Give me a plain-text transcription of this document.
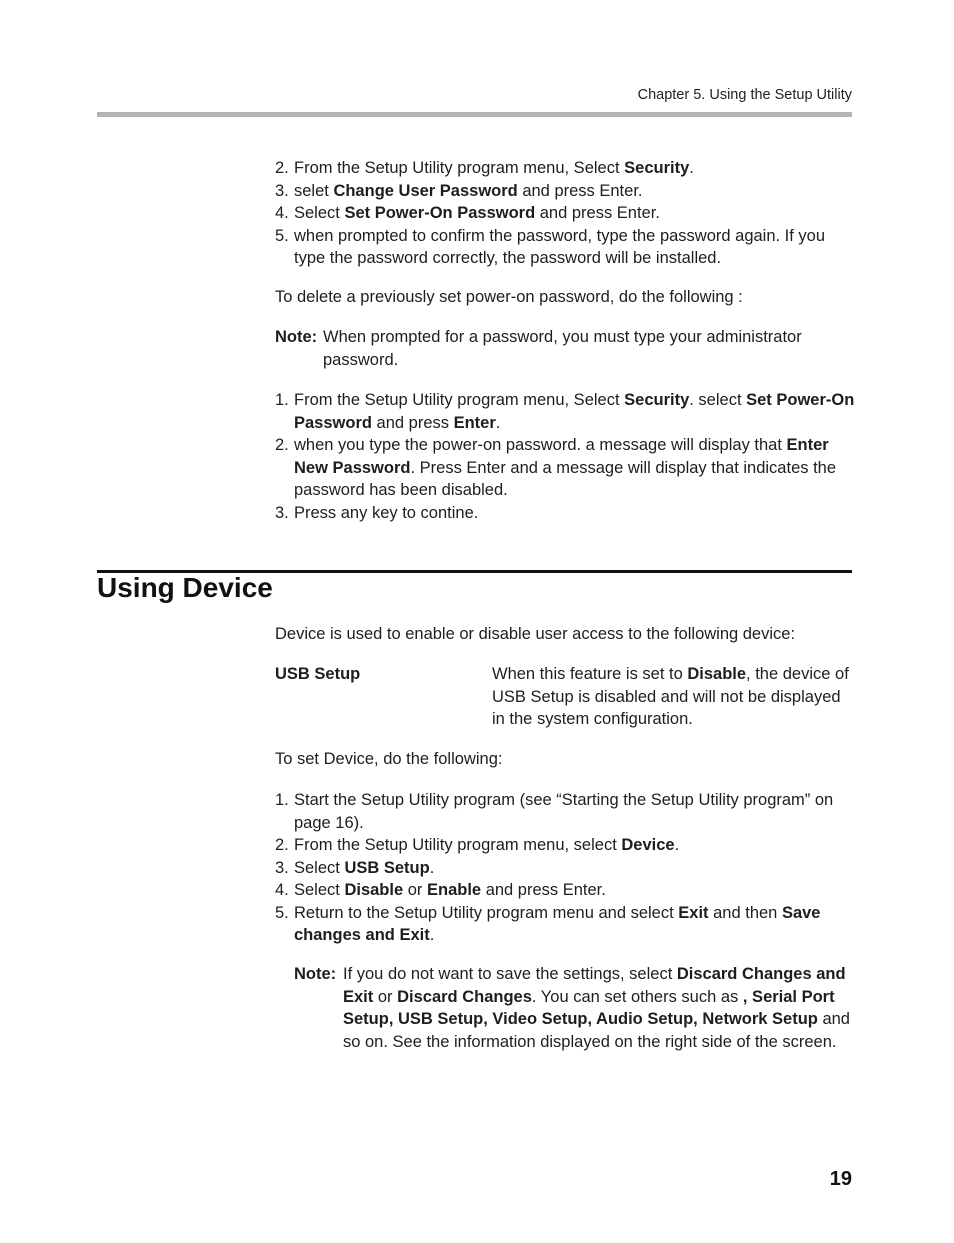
Chapter 5. Using the Setup Utility
2. From the Setup Utility program menu, Select Security.
3. selet Change User Password and press Enter.
4. Select Set Power-On Password and press Enter.
5. when prompted to confirm the password, type the password again. If you type the password correctly, the password will be installed.

To delete a previously set power-on password, do the following :

Note: When prompted for a password, you must type your administrator password.
1. From the Setup Utility program menu, Select Security. select Set Power-On Password and press Enter.
2. when you type the power-on password. a message will display that Enter New Password. Press Enter and a message will display that indicates the password has been disabled.
3. Press any key to contine.
Using Device

Device is used to enable or disable user access to the following device:

USB Setup	When this feature is set to Disable, the device of USB Setup is disabled and will not be displayed in the system configuration.

To set Device, do the following:

1. Start the Setup Utility program (see “Starting the Setup Utility program” on page 16).
2. From the Setup Utility program menu, select Device.
3. Select USB Setup.
4. Select Disable or Enable and press Enter.
5. Return to the Setup Utility program menu and select Exit and then Save changes and Exit.
Note: If you do not want to save the settings, select Discard Changes and Exit or Discard Changes. You can set others such as , Serial Port Setup, USB Setup, Video Setup, Audio Setup, Network Setup and so on. See the information displayed on the right side of the screen.
19
